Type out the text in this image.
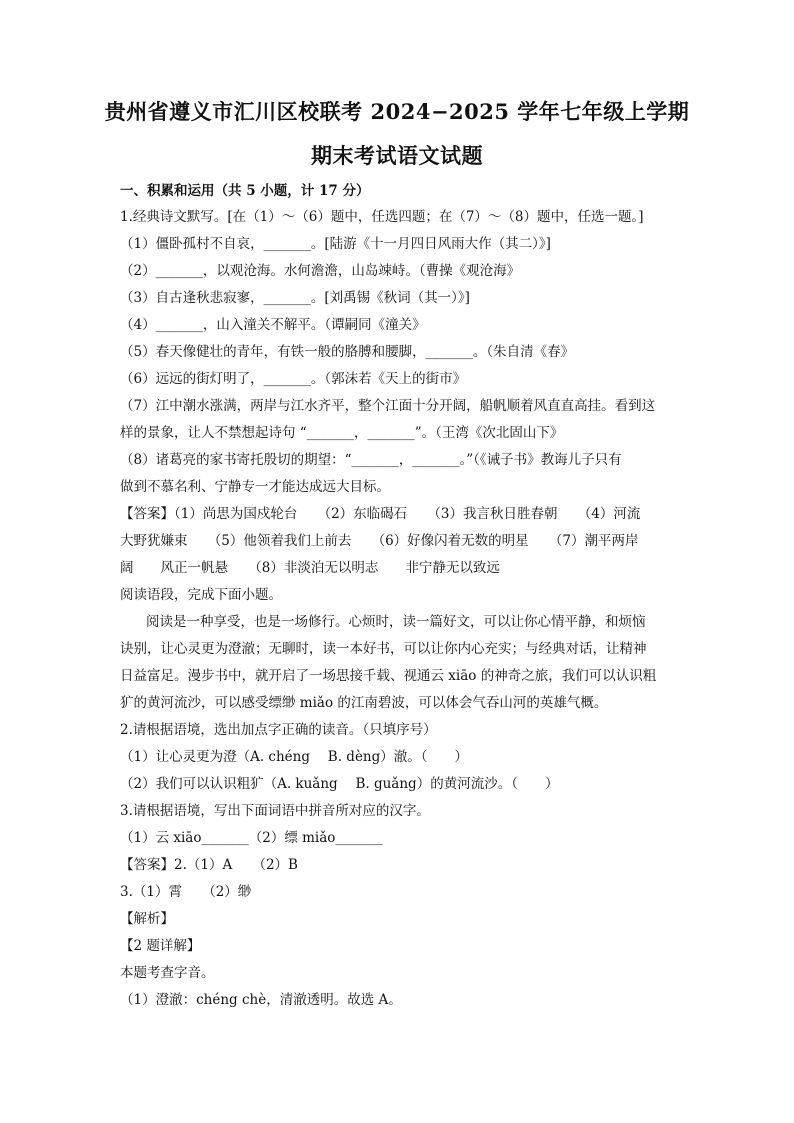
贵州省遵义市汇川区校联考 2024−2025 学年七年级上学期
期末考试语文试题
一、积累和运用（共 5 小题，计 17 分）
1.经典诗文默写。[在（1）～（6）题中，任选四题；在（7）～（8）题中，任选一题。]
（1）僵卧孤村不自哀，_______。[陆游《十一月四日风雨大作（其二）》]
（2）_______，以观沧海。水何澹澹，山岛竦峙。（曹操《观沧海》
（3）自古逢秋悲寂寥，_______。[刘禹锡《秋词（其一）》]
（4）_______，山入潼关不解平。（谭嗣同《潼关》
（5）春天像健壮的青年，有铁一般的胳膊和腰脚，_______。（朱自清《春》
（6）远远的街灯明了，_______。（郭沫若《天上的街市》
（7）江中潮水涨满，两岸与江水齐平，整个江面十分开阔，船帆顺着风直直高挂。看到这
样的景象，让人不禁想起诗句 “_______，_______”。（王湾《次北固山下》
（8）诸葛亮的家书寄托殷切的期望：“_______，_______。”（《诫子书》教诲儿子只有
做到不慕名利、宁静专一才能达成远大目标。
【答案】（1）尚思为国戍轮台　　（2）东临碣石　　（3）我言秋日胜春朝　　（4）河流
大野犹嫌束　　（5）他领着我们上前去　　（6）好像闪着无数的明星　　（7）潮平两岸
阔　　风正一帆悬　　（8）非淡泊无以明志　　非宁静无以致远
阅读语段，完成下面小题。
阅读是一种享受，也是一场修行。心烦时，读一篇好文，可以让你心情平静，和烦恼
诀别，让心灵更为澄澈；无聊时，读一本好书，可以让你内心充实；与经典对话，让精神
日益富足。漫步书中，就开启了一场思接千载、视通云 xiāo 的神奇之旅，我们可以认识粗
犷的黄河流沙，可以感受缥缈 miǎo 的江南碧波，可以体会气吞山河的英雄气概。
2.请根据语境，选出加点字正确的读音。（只填序号）
（1）让心灵更为澄（A. chéng　 B. dèng）澈。（　　）
（2）我们可以认识粗犷（A. kuǎng　 B. guǎng）的黄河流沙。（　　）
3.请根据语境，写出下面词语中拼音所对应的汉字。
（1）云 xiāo_______（2）缥 miǎo_______
【答案】2.（1）A　　（2）B
3.（1）霄　　（2）缈
【解析】
【2 题详解】
本题考查字音。
（1）澄澈：chéng chè，清澈透明。故选 A。
